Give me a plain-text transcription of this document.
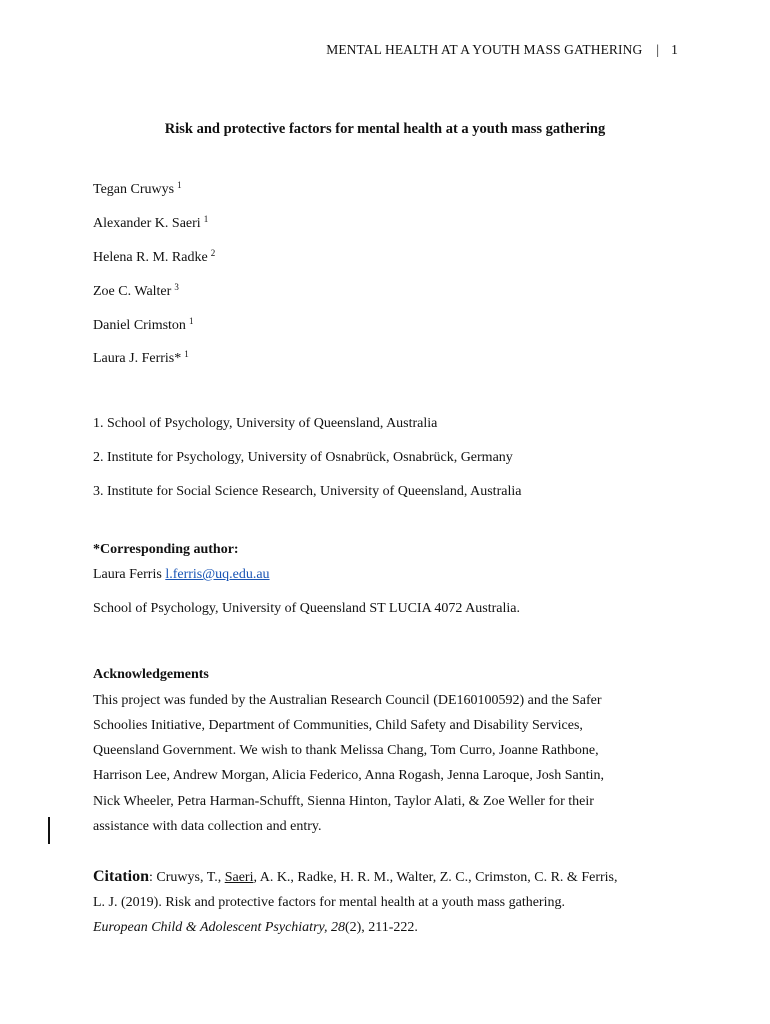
MENTAL HEALTH AT A YOUTH MASS GATHERING | 1
Risk and protective factors for mental health at a youth mass gathering
Tegan Cruwys $^1$
Alexander K. Saeri $^1$
Helena R. M. Radke $^2$
Zoe C. Walter $^3$
Daniel Crimston $^1$
Laura J. Ferris* $^1$
1. School of Psychology, University of Queensland, Australia
2. Institute for Psychology, University of Osnabrück, Osnabrück, Germany
3. Institute for Social Science Research, University of Queensland, Australia
*Corresponding author:
Laura Ferris l.ferris@uq.edu.au
School of Psychology, University of Queensland ST LUCIA 4072 Australia.
Acknowledgements
This project was funded by the Australian Research Council (DE160100592) and the Safer
Schoolies Initiative, Department of Communities, Child Safety and Disability Services,
Queensland Government. We wish to thank Melissa Chang, Tom Curro, Joanne Rathbone,
Harrison Lee, Andrew Morgan, Alicia Federico, Anna Rogash, Jenna Laroque, Josh Santin,
Nick Wheeler, Petra Harman-Schufft, Sienna Hinton, Taylor Alati, & Zoe Weller for their
assistance with data collection and entry.
Citation: Cruwys, T., Saeri, A. K., Radke, H. R. M., Walter, Z. C., Crimston, C. R. & Ferris,
L. J. (2019). Risk and protective factors for mental health at a youth mass gathering.
European Child & Adolescent Psychiatry, 28(2), 211-222.
